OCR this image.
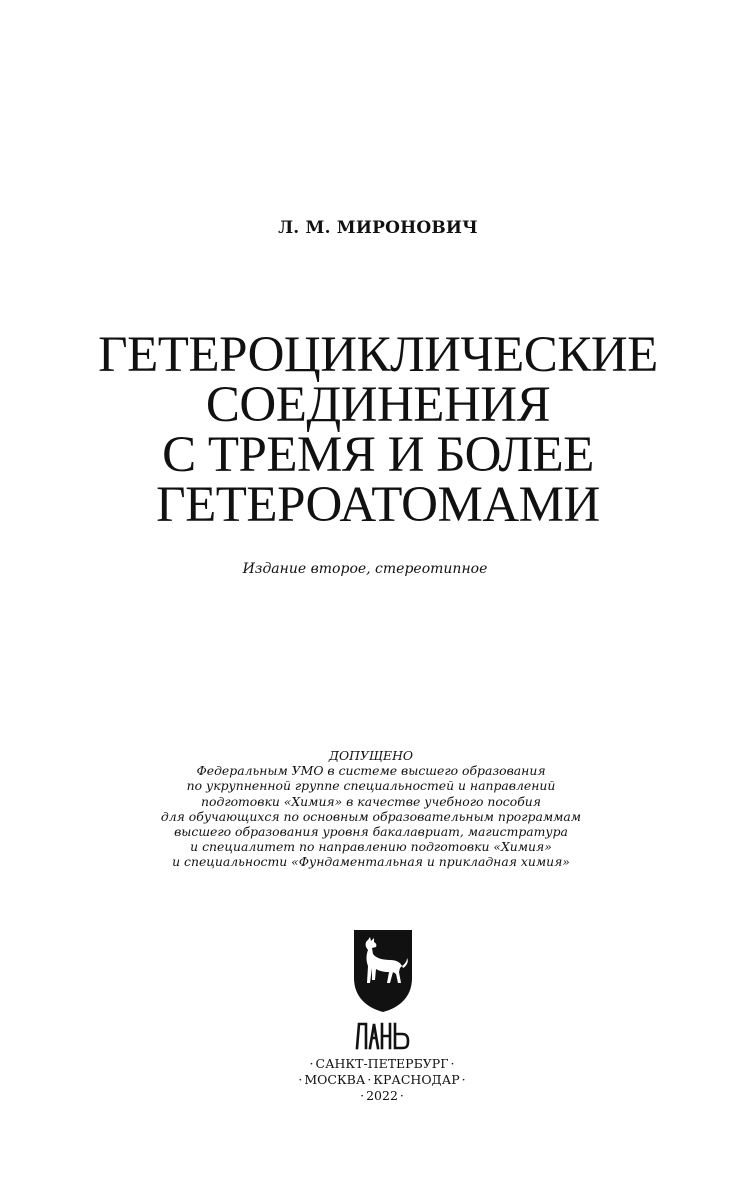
Л. М. МИРОНОВИЧ
ГЕТЕРОЦИКЛИЧЕСКИЕ
СОЕДИНЕНИЯ
С ТРЕМЯ И БОЛЕЕ
ГЕТЕРОАТОМАМИ
Издание второе, стереотипное
ДОПУЩЕНО
Федеральным УМО в системе высшего образования
по укрупненной группе специальностей и направлений
подготовки «Химия» в качестве учебного пособия
для обучающихся по основным образовательным программам
высшего образования уровня бакалавриат, магистратура
и специалитет по направлению подготовки «Химия»
и специальности «Фундаментальная и прикладная химия»
· САНКТ-ПЕТЕРБУРГ ·
· МОСКВА · КРАСНОДАР ·
· 2022 ·
